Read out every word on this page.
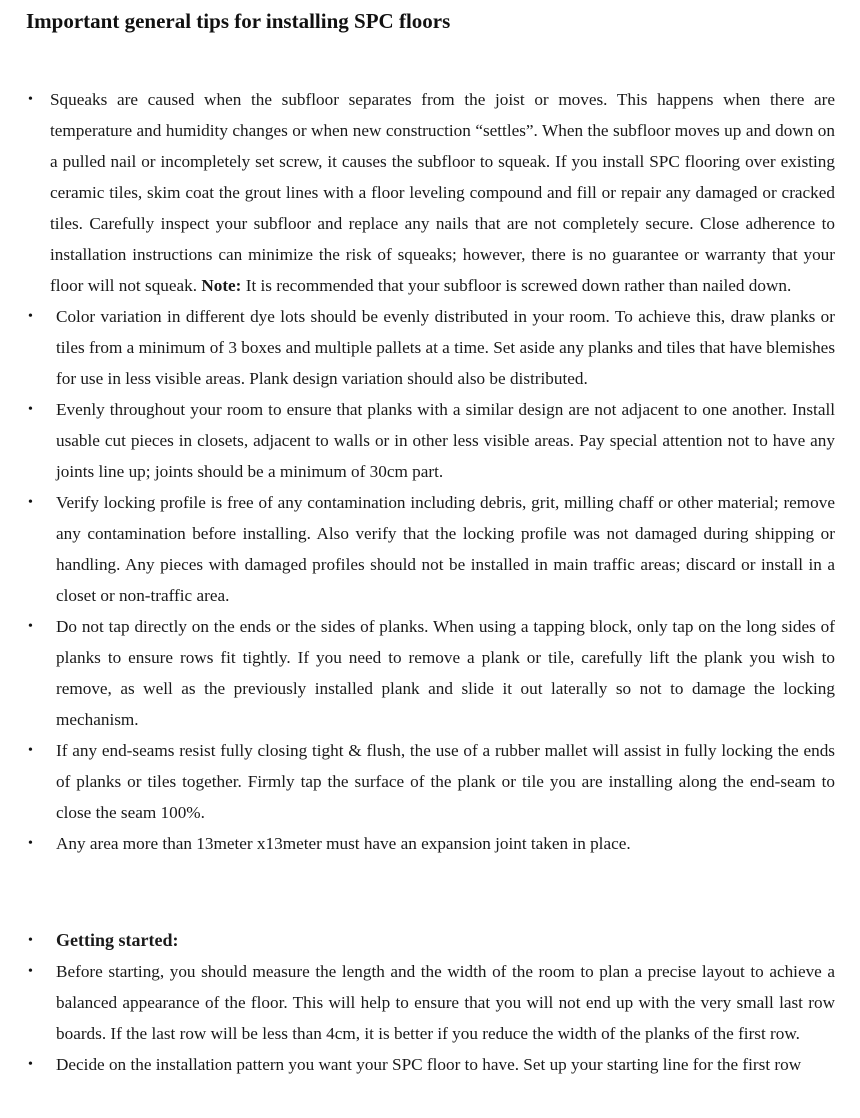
Important general tips for installing SPC floors
• Squeaks are caused when the subfloor separates from the joist or moves. This happens when there are temperature and humidity changes or when new construction “settles”. When the subfloor moves up and down on a pulled nail or incompletely set screw, it causes the subfloor to squeak. If you install SPC flooring over existing ceramic tiles, skim coat the grout lines with a floor leveling compound and fill or repair any damaged or cracked tiles. Carefully inspect your subfloor and replace any nails that are not completely secure. Close adherence to installation instructions can minimize the risk of squeaks; however, there is no guarantee or warranty that your floor will not squeak. Note: It is recommended that your subfloor is screwed down rather than nailed down.
• Color variation in different dye lots should be evenly distributed in your room. To achieve this, draw planks or tiles from a minimum of 3 boxes and multiple pallets at a time. Set aside any planks and tiles that have blemishes for use in less visible areas. Plank design variation should also be distributed.
• Evenly throughout your room to ensure that planks with a similar design are not adjacent to one another. Install usable cut pieces in closets, adjacent to walls or in other less visible areas. Pay special attention not to have any joints line up; joints should be a minimum of 30cm part.
• Verify locking profile is free of any contamination including debris, grit, milling chaff or other material; remove any contamination before installing. Also verify that the locking profile was not damaged during shipping or handling. Any pieces with damaged profiles should not be installed in main traffic areas; discard or install in a closet or non-traffic area.
• Do not tap directly on the ends or the sides of planks. When using a tapping block, only tap on the long sides of planks to ensure rows fit tightly. If you need to remove a plank or tile, carefully lift the plank you wish to remove, as well as the previously installed plank and slide it out laterally so not to damage the locking mechanism.
• If any end-seams resist fully closing tight & flush, the use of a rubber mallet will assist in fully locking the ends of planks or tiles together. Firmly tap the surface of the plank or tile you are installing along the end-seam to close the seam 100%.
• Any area more than 13meter x13meter must have an expansion joint taken in place.
• Getting started:
• Before starting, you should measure the length and the width of the room to plan a precise layout to achieve a balanced appearance of the floor. This will help to ensure that you will not end up with the very small last row boards. If the last row will be less than 4cm, it is better if you reduce the width of the planks of the first row.
• Decide on the installation pattern you want your SPC floor to have. Set up your starting line for the first row
